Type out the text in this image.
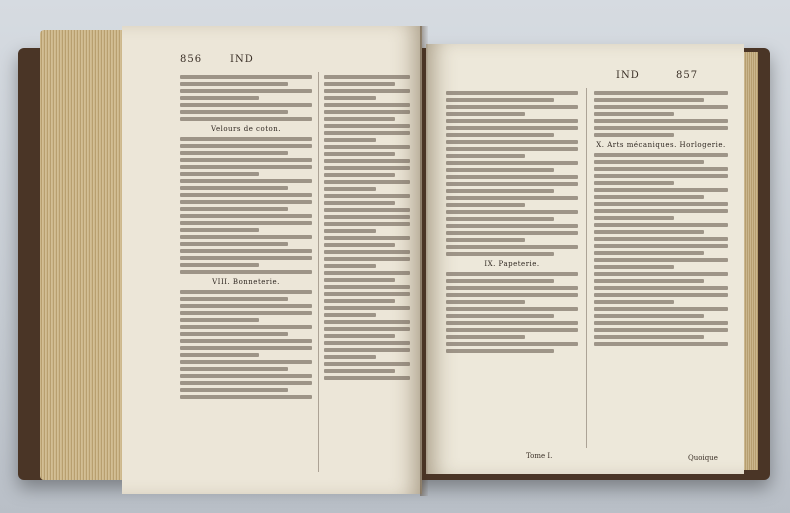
856	IND
Velours de coton.
VIII. Bonneterie.
IND	857
IX. Papeterie.
X. Arts mécaniques. Horlogerie.
Tome I.	Quoique
